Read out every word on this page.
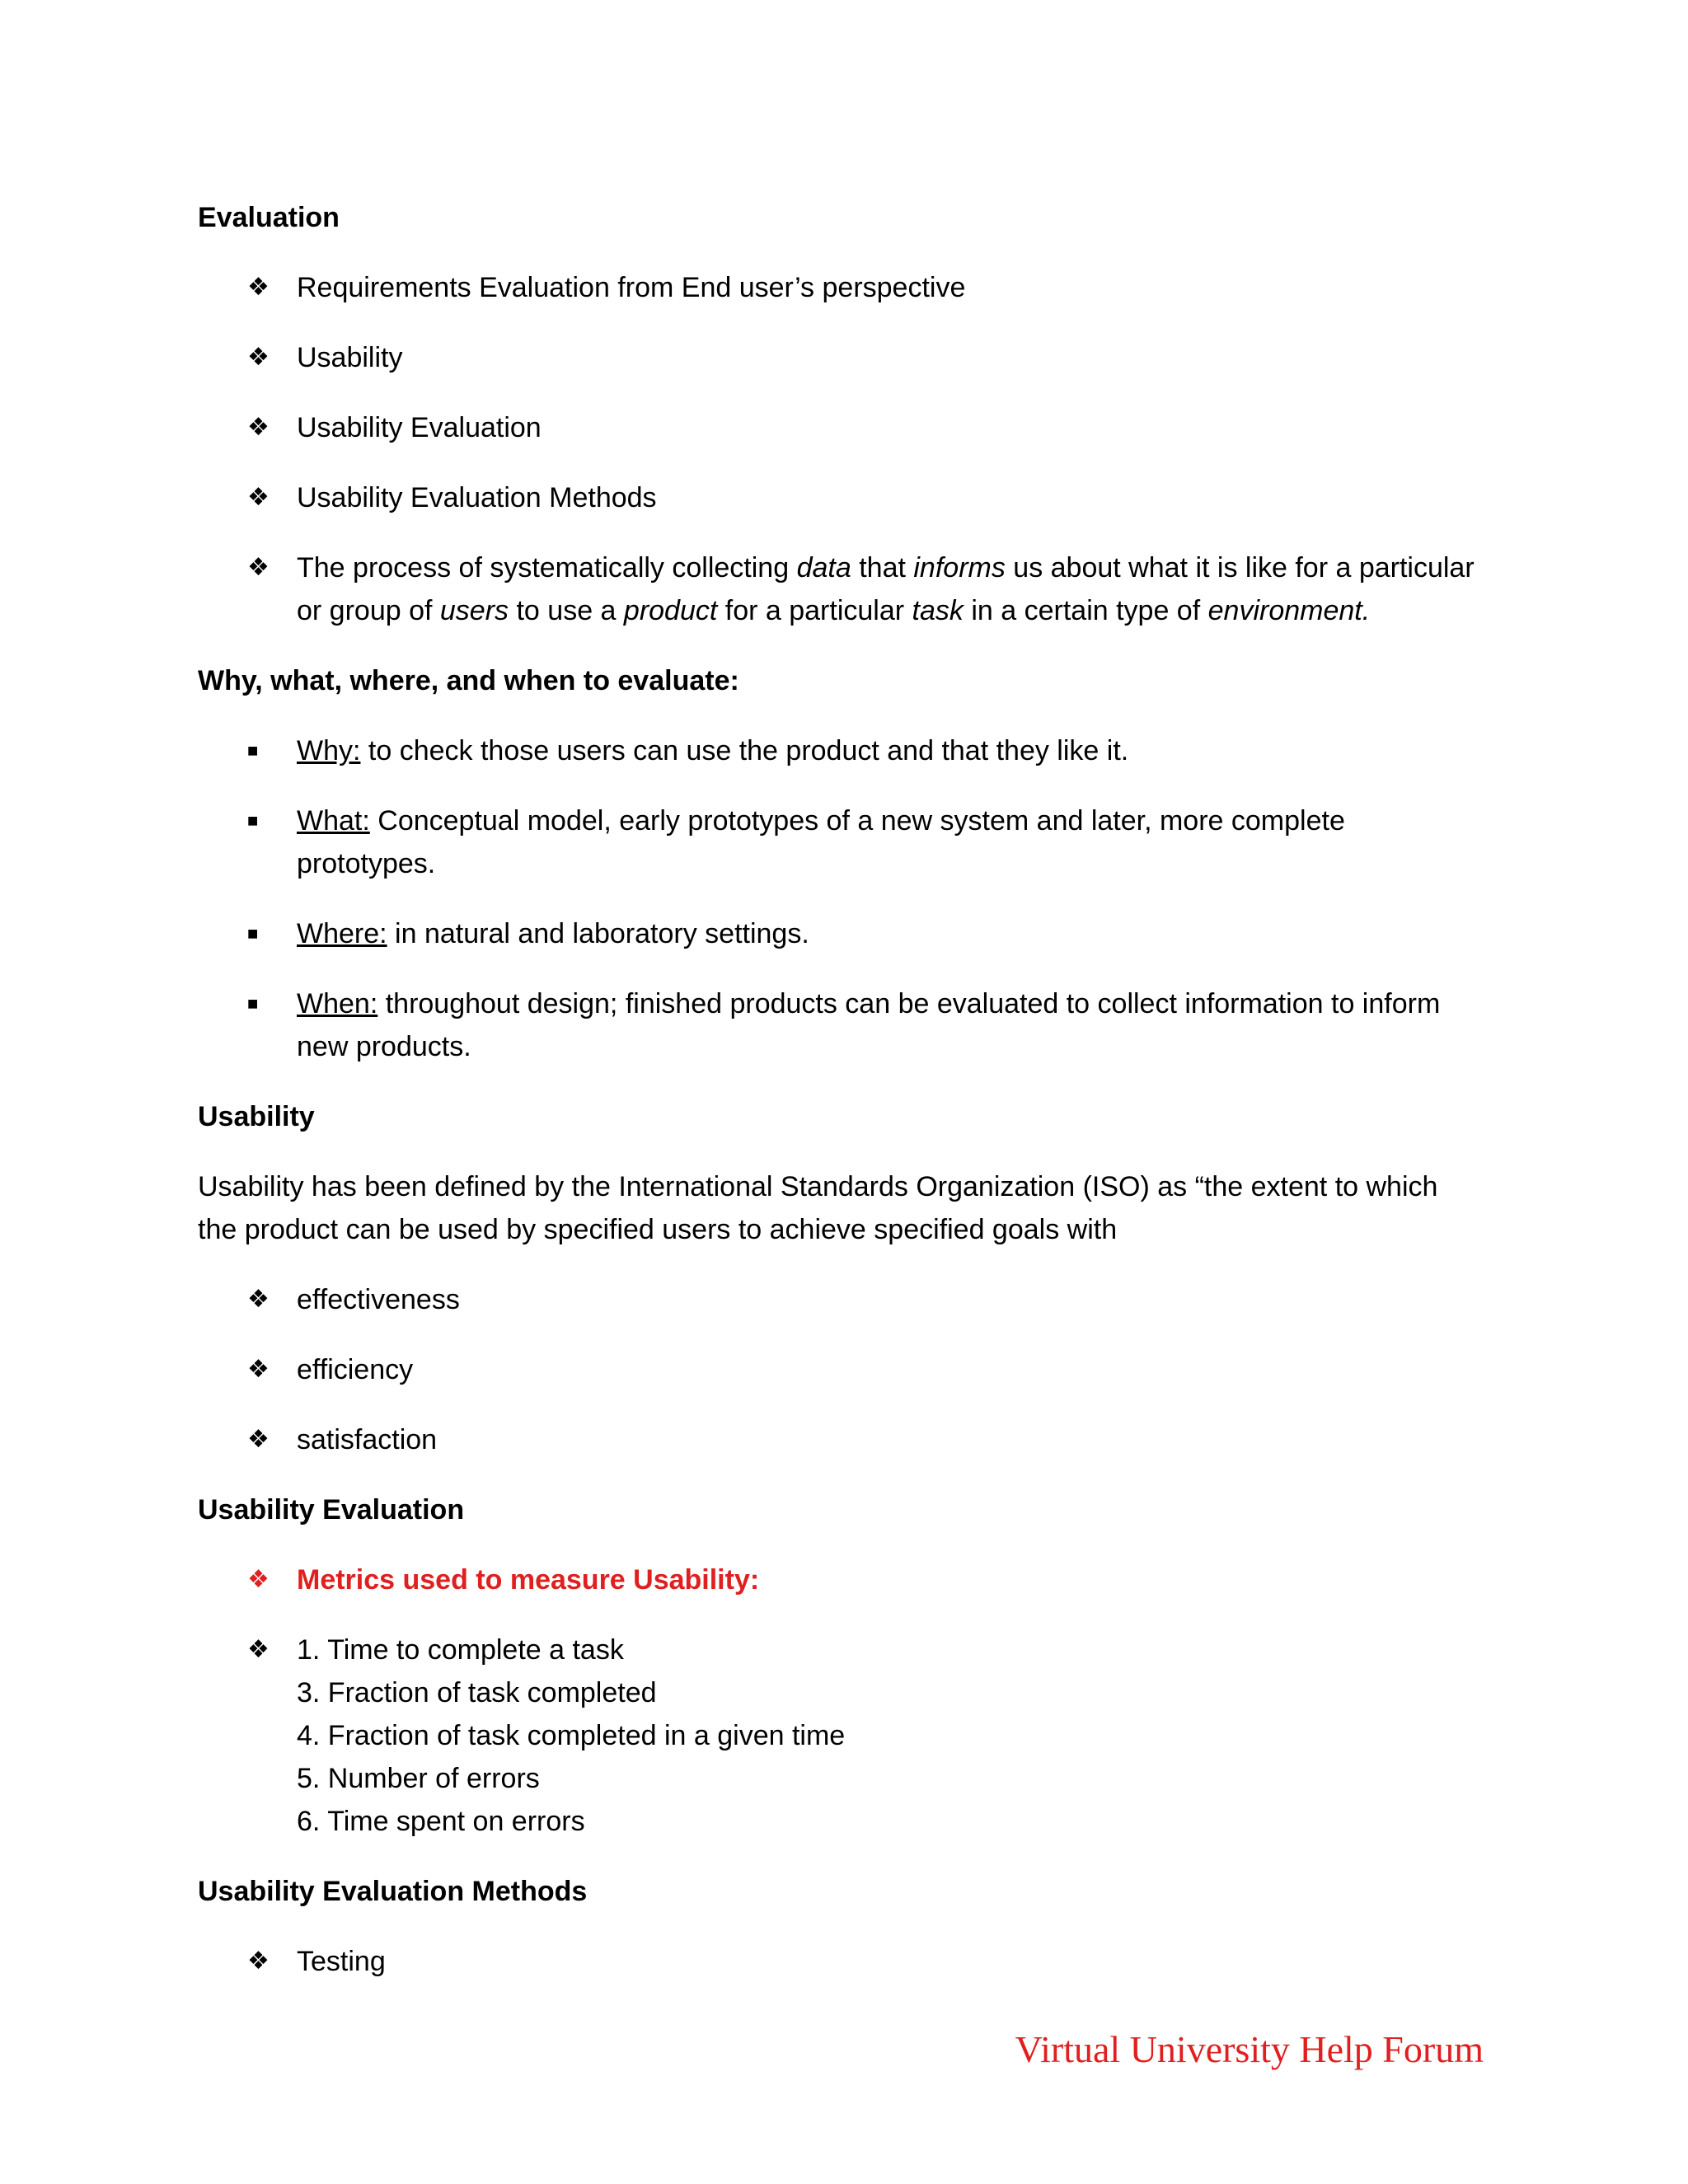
Evaluation
❖ Requirements Evaluation from End user’s perspective
❖ Usability
❖ Usability Evaluation
❖ Usability Evaluation Methods
❖ The process of systematically collecting data that informs us about what it is like for a particular or group of users to use a product for a particular task in a certain type of environment.
Why, what, where, and when to evaluate:
■	Why: to check those users can use the product and that they like it.
■	What: Conceptual model, early prototypes of a new system and later, more complete prototypes.
■	Where: in natural and laboratory settings.
■	When: throughout design; finished products can be evaluated to collect information to inform new products.
Usability
Usability has been defined by the International Standards Organization (ISO) as “the extent to which the product can be used by specified users to achieve specified goals with
❖ effectiveness
❖ efficiency
❖ satisfaction
Usability Evaluation
❖ Metrics used to measure Usability:
❖ 1. Time to complete a task
3. Fraction of task completed
4. Fraction of task completed in a given time
5. Number of errors
6. Time spent on errors
Usability Evaluation Methods
❖ Testing
Virtual University Help Forum
